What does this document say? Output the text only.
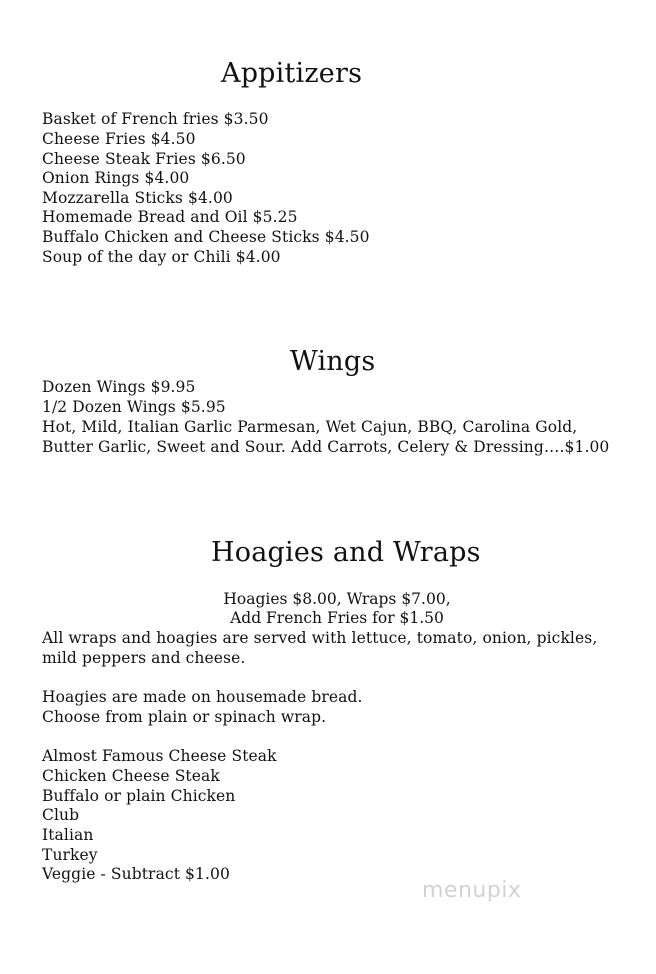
Appitizers
Basket of French fries $3.50
Cheese Fries $4.50
Cheese Steak Fries $6.50
Onion Rings $4.00
Mozzarella Sticks $4.00
Homemade Bread and Oil $5.25
Buffalo Chicken and Cheese Sticks $4.50
Soup of the day or Chili $4.00
Wings
Dozen Wings $9.95
1/2 Dozen Wings $5.95
Hot, Mild, Italian Garlic Parmesan, Wet Cajun, BBQ, Carolina Gold,
Butter Garlic, Sweet and Sour. Add Carrots, Celery & Dressing….$1.00
Hoagies and Wraps
Hoagies $8.00, Wraps $7.00,
Add French Fries for $1.50
All wraps and hoagies are served with lettuce, tomato, onion, pickles,
mild peppers and cheese.
Hoagies are made on housemade bread.
Choose from plain or spinach wrap.
Almost Famous Cheese Steak
Chicken Cheese Steak
Buffalo or plain Chicken
Club
Italian
Turkey
Veggie - Subtract $1.00
menupix
